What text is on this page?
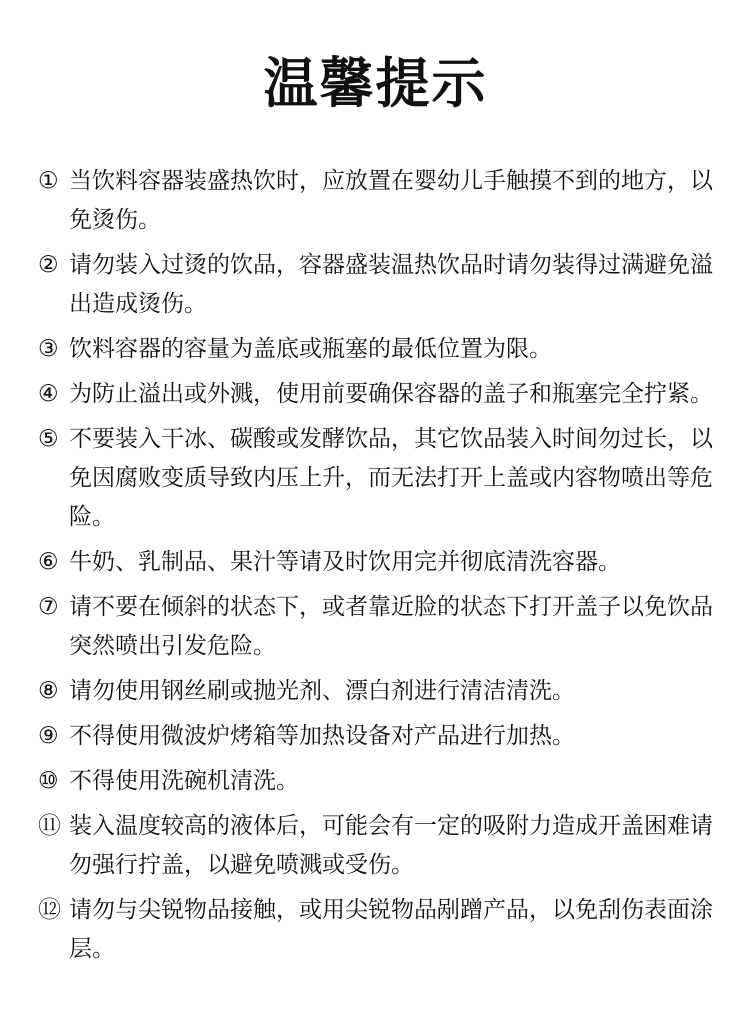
温馨提示
① 当饮料容器装盛热饮时，应放置在婴幼儿手触摸不到的地方，以免烫伤。
② 请勿装入过烫的饮品，容器盛装温热饮品时请勿装得过满避免溢出造成烫伤。
③ 饮料容器的容量为盖底或瓶塞的最低位置为限。
④ 为防止溢出或外溅，使用前要确保容器的盖子和瓶塞完全拧紧。
⑤ 不要装入干冰、碳酸或发酵饮品，其它饮品装入时间勿过长，以免因腐败变质导致内压上升，而无法打开上盖或内容物喷出等危险。
⑥ 牛奶、乳制品、果汁等请及时饮用完并彻底清洗容器。
⑦ 请不要在倾斜的状态下，或者靠近脸的状态下打开盖子以免饮品突然喷出引发危险。
⑧ 请勿使用钢丝刷或抛光剂、漂白剂进行清洁清洗。
⑨ 不得使用微波炉烤箱等加热设备对产品进行加热。
⑩ 不得使用洗碗机清洗。
⑪ 装入温度较高的液体后，可能会有一定的吸附力造成开盖困难请勿强行拧盖，以避免喷溅或受伤。
⑫ 请勿与尖锐物品接触，或用尖锐物品剐蹭产品，以免刮伤表面涂层。
